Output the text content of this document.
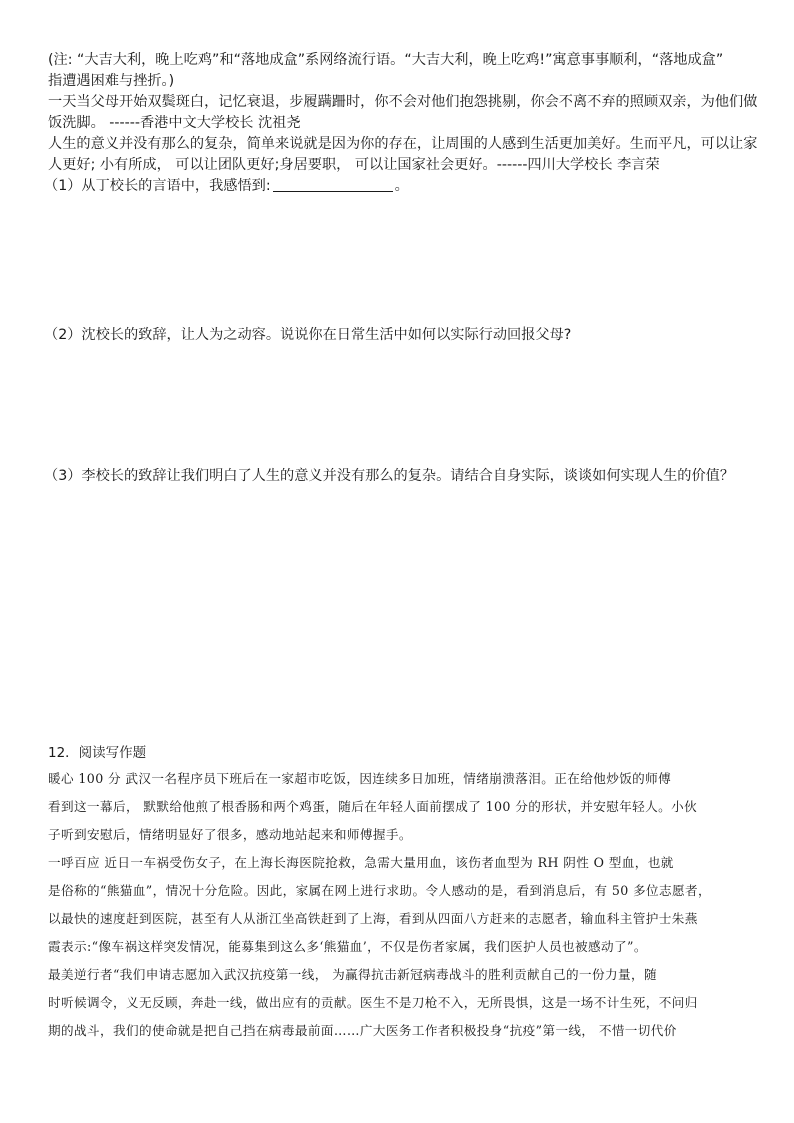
(注: “大吉大利，晚上吃鸡”和“落地成盒”系网络流行语。“大吉大利，晚上吃鸡!”寓意事事顺利，“落地成盒”
指遭遇困难与挫折。)
一天当父母开始双鬓斑白，记忆衰退，步履蹒跚时，你不会对他们抱怨挑剔，你会不离不弃的照顾双亲，为他们做
饭洗脚。 ------香港中文大学校长 沈祖尧
人生的意义并没有那么的复杂，简单来说就是因为你的存在，让周围的人感到生活更加美好。生而平凡，可以让家
人更好; 小有所成， 可以让团队更好;身居要职， 可以让国家社会更好。------四川大学校长 李言荣
（1）从丁校长的言语中，我感悟到:	。
（2）沈校长的致辞，让人为之动容。说说你在日常生活中如何以实际行动回报父母?
（3）李校长的致辞让我们明白了人生的意义并没有那么的复杂。请结合自身实际，谈谈如何实现人生的价值？
12．阅读写作题
暖心 100 分 武汉一名程序员下班后在一家超市吃饭，因连续多日加班，情绪崩溃落泪。正在给他炒饭的师傅
看到这一幕后， 默默给他煎了根香肠和两个鸡蛋，随后在年轻人面前摆成了 100 分的形状，并安慰年轻人。小伙
子听到安慰后，情绪明显好了很多，感动地站起来和师傅握手。
一呼百应 近日一车祸受伤女子，在上海长海医院抢救，急需大量用血，该伤者血型为 RH 阴性 O 型血，也就
是俗称的“熊猫血”，情况十分危险。因此，家属在网上进行求助。令人感动的是，看到消息后，有 50 多位志愿者，
以最快的速度赶到医院，甚至有人从浙江坐高铁赶到了上海，看到从四面八方赶来的志愿者，输血科主管护士朱燕
霞表示:“像车祸这样突发情况，能募集到这么多‘熊猫血’，不仅是伤者家属，我们医护人员也被感动了”。
最美逆行者“我们申请志愿加入武汉抗疫第一线， 为赢得抗击新冠病毒战斗的胜利贡献自己的一份力量，随
时听候调令，义无反顾，奔赴一线，做出应有的贡献。医生不是刀枪不入，无所畏惧，这是一场不计生死，不问归
期的战斗，我们的使命就是把自己挡在病毒最前面……广大医务工作者积极投身“抗疫”第一线， 不惜一切代价
